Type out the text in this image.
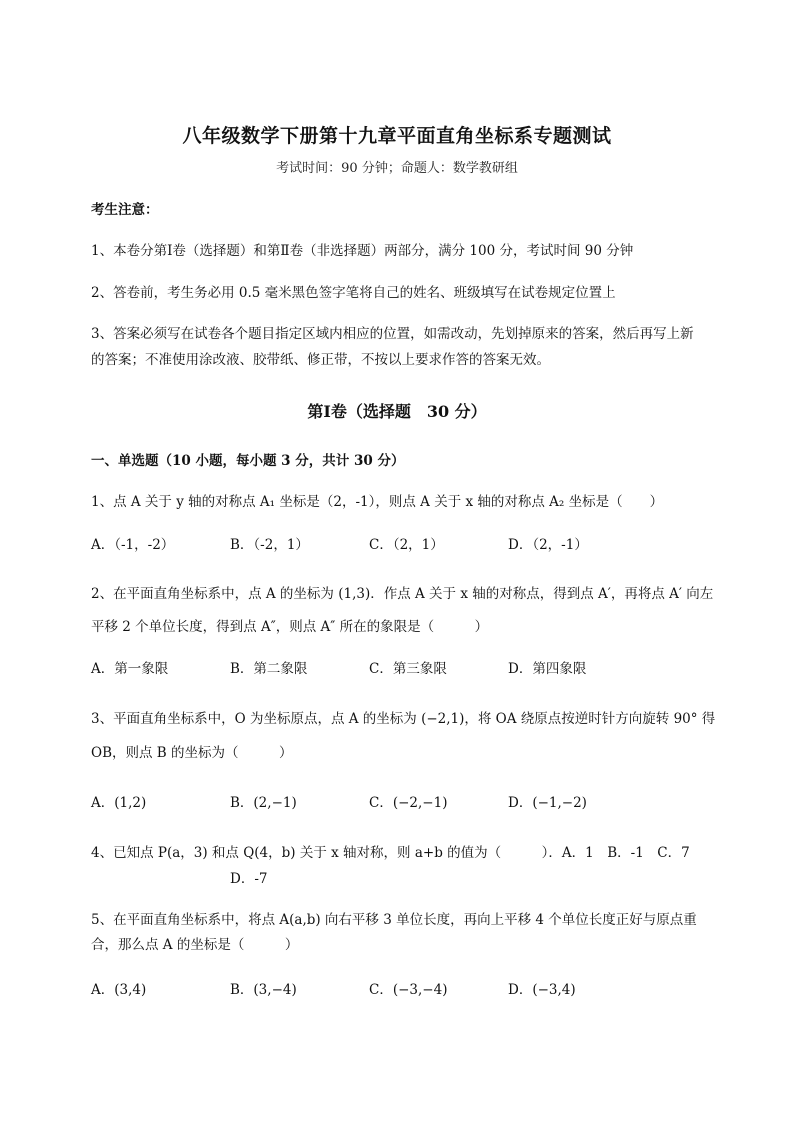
八年级数学下册第十九章平面直角坐标系专题测试
考试时间：90 分钟；命题人：数学教研组
考生注意：
1、本卷分第Ⅰ卷（选择题）和第Ⅱ卷（非选择题）两部分，满分 100 分，考试时间 90 分钟
2、答卷前，考生务必用 0.5 毫米黑色签字笔将自己的姓名、班级填写在试卷规定位置上
3、答案必须写在试卷各个题目指定区域内相应的位置，如需改动，先划掉原来的答案，然后再写上新
的答案；不准使用涂改液、胶带纸、修正带，不按以上要求作答的答案无效。
第Ⅰ卷（选择题　30 分）
一、单选题（10 小题，每小题 3 分，共计 30 分）
1、点 A 关于 y 轴的对称点 A₁ 坐标是（2，-1），则点 A 关于 x 轴的对称点 A₂ 坐标是（　　）
A．（-1，-2）	B．（-2，1）	C．（2，1）	D．（2，-1）
2、在平面直角坐标系中，点 A 的坐标为 (1,3)．作点 A 关于 x 轴的对称点，得到点 A′，再将点 A′ 向左
平移 2 个单位长度，得到点 A″，则点 A″ 所在的象限是（　　　）
A．第一象限	B．第二象限	C．第三象限	D．第四象限
3、平面直角坐标系中，O 为坐标原点，点 A 的坐标为 (−2,1)，将 OA 绕原点按逆时针方向旋转 90° 得
OB，则点 B 的坐标为（　　　）
A．(1,2)	B．(2,−1)	C．(−2,−1)	D．(−1,−2)
4、已知点 P(a，3) 和点 Q(4，b) 关于 x 轴对称，则 a+b 的值为（　　　）．A．1　B．-1　C．7
D．-7
5、在平面直角坐标系中，将点 A(a,b) 向右平移 3 单位长度，再向上平移 4 个单位长度正好与原点重
合，那么点 A 的坐标是（　　　）
A．(3,4)	B．(3,−4)	C．(−3,−4)	D．(−3,4)
